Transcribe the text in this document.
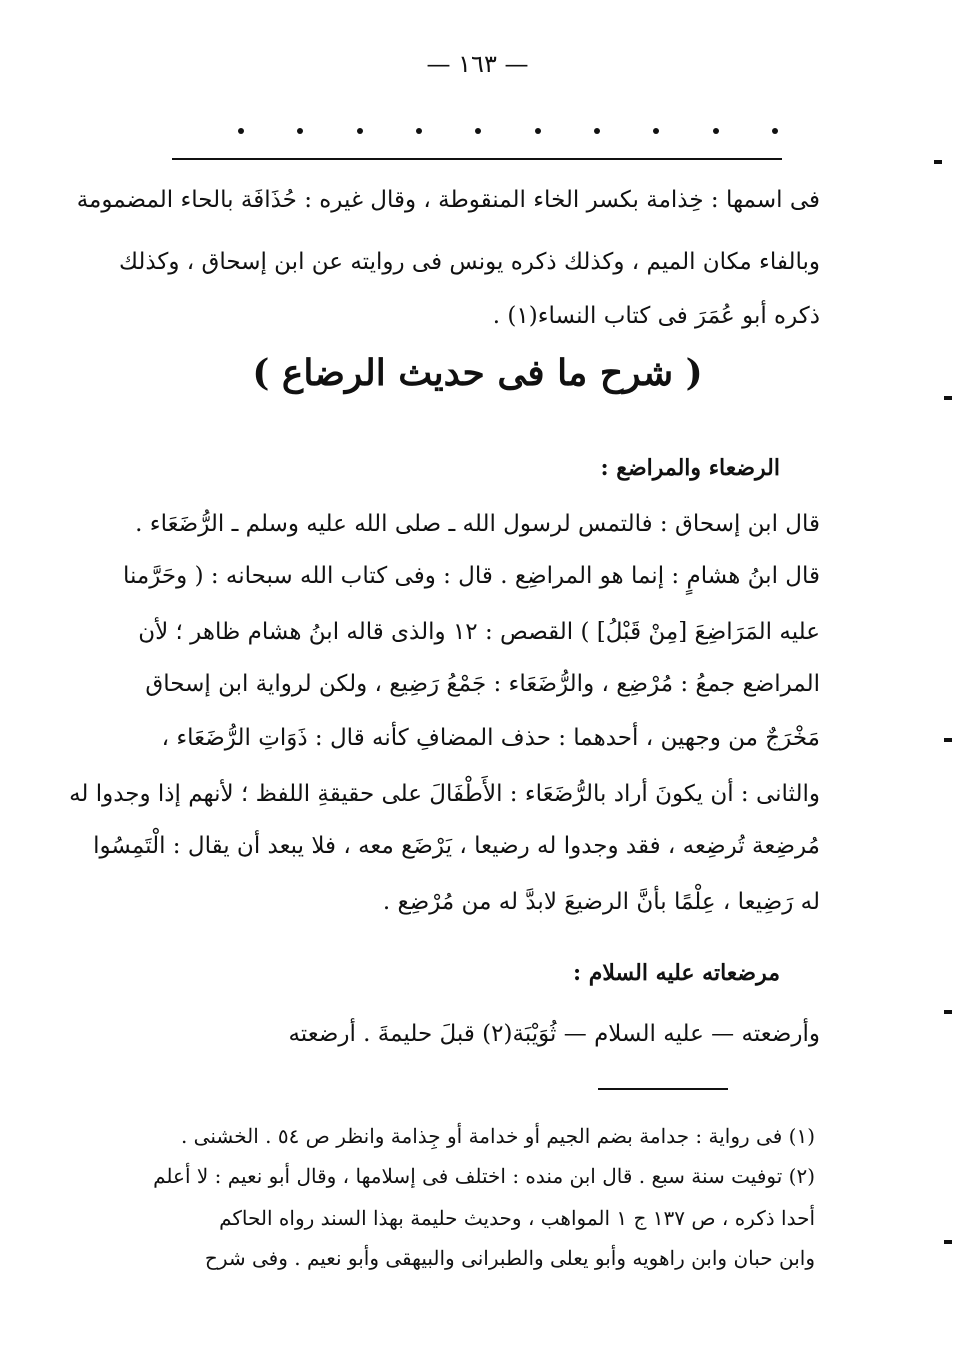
— ١٦٣ —
فى اسمها : خِذامة بكسر الخاء المنقوطة ، وقال غيره : حُذَافَة بالحاء المضمومة
وبالفاء مكان الميم ، وكذلك ذكره يونس فى روايته عن ابن إسحاق ، وكذلك
ذكره أبو عُمَرَ فى كتاب النساء(١) .
( شرح ما فى حديث الرضاع )
الرضعاء والمراضع :
قال ابن إسحاق : فالتمس لرسول الله ـ صلى الله عليه وسلم ـ الرُّضَعَاء .
قال ابنُ هشامٍ : إنما هو المراضِع . قال : وفى كتاب الله سبحانه : ( وحَرَّمنا
عليه المَرَاضِعَ [مِنْ قَبْلُ] ) القصص : ١٢ والذى قاله ابنُ هشام ظاهر ؛ لأن
المراضع جمعُ : مُرْضِع ، والرُّضَعَاء : جَمْعُ رَضِيع ، ولكن لرواية ابن إسحاق
مَخْرَجٌ من وجهين ، أحدهما : حذف المضافِ كأنه قال : ذَوَاتِ الرُّضَعَاء ،
والثانى : أن يكونَ أراد بالرُّضَعَاء : الأَطْفَالَ على حقيقةِ اللفظ ؛ لأنهم إذا وجدوا له
مُرضِعة تُرضِعه ، فقد وجدوا له رضيعا ، يَرْضَع معه ، فلا يبعد أن يقال : الْتَمِسُوا
له رَضِيعا ، عِلْمًا بأنَّ الرضيعَ لابدَّ له من مُرْضِع .
مرضعاته عليه السلام :
وأرضعته — عليه السلام — ثُوَيْبَة(٢) قبلَ حليمةَ . أرضعته
(١) فى رواية : جدامة بضم الجيم أو خدامة أو جِذامة وانظر ص ٥٤ . الخشنى .
(٢) توفيت سنة سبع . قال ابن منده : اختلف فى إسلامها ، وقال أبو نعيم : لا أعلم
أحدا ذكره ، ص ١٣٧ ج ١ المواهب ، وحديث حليمة بهذا السند رواه الحاكم
وابن حبان وابن راهويه وأبو يعلى والطبرانى والبيهقى وأبو نعيم . وفى شرح
